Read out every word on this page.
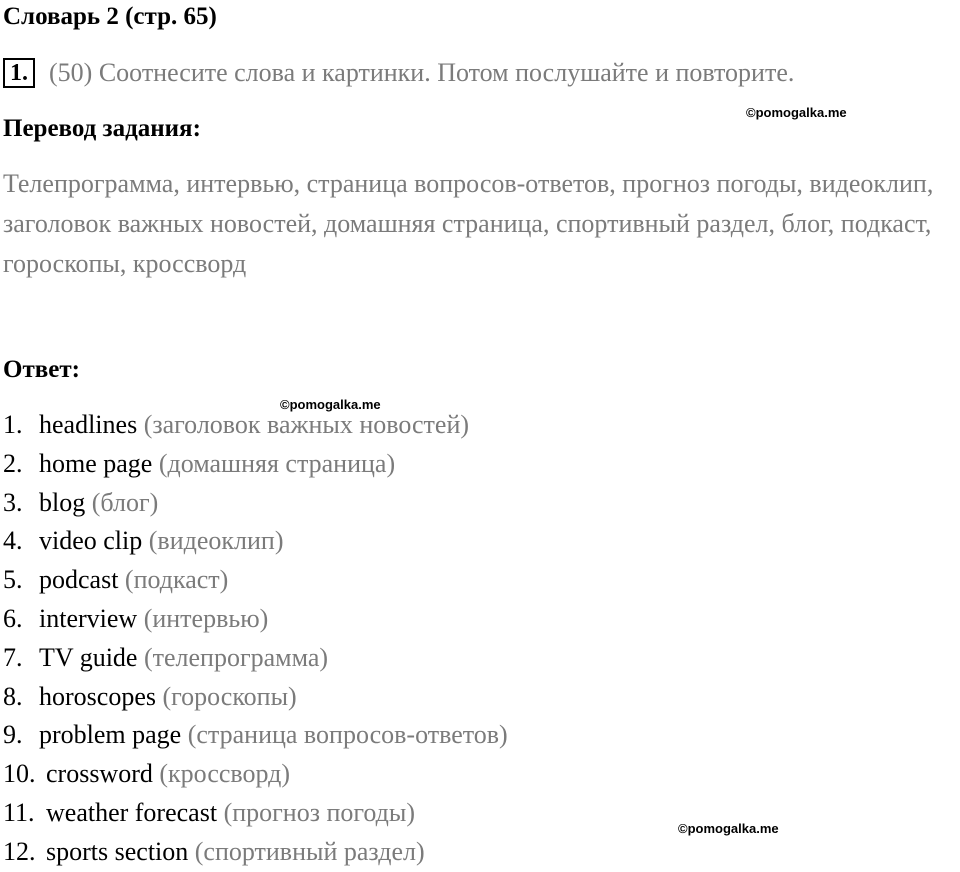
Словарь 2 (стр. 65)
1. (50) Соотнесите слова и картинки. Потом послушайте и повторите.
©pomogalka.me
Перевод задания:

Телепрограмма, интервью, страница вопросов-ответов, прогноз погоды, видеоклип, заголовок важных новостей, домашняя страница, спортивный раздел, блог, подкаст, гороскопы, кроссворд

Ответ:
©pomogalka.me
1. headlines (заголовок важных новостей)
2. home page (домашняя страница)
3. blog (блог)
4. video clip (видеоклип)
5. podcast (подкаст)
6. interview (интервью)
7. TV guide (телепрограмма)
8. horoscopes (гороскопы)
9. problem page (страница вопросов-ответов)
10. crossword (кроссворд)
11. weather forecast (прогноз погоды)
12. sports section (спортивный раздел)
©pomogalka.me
